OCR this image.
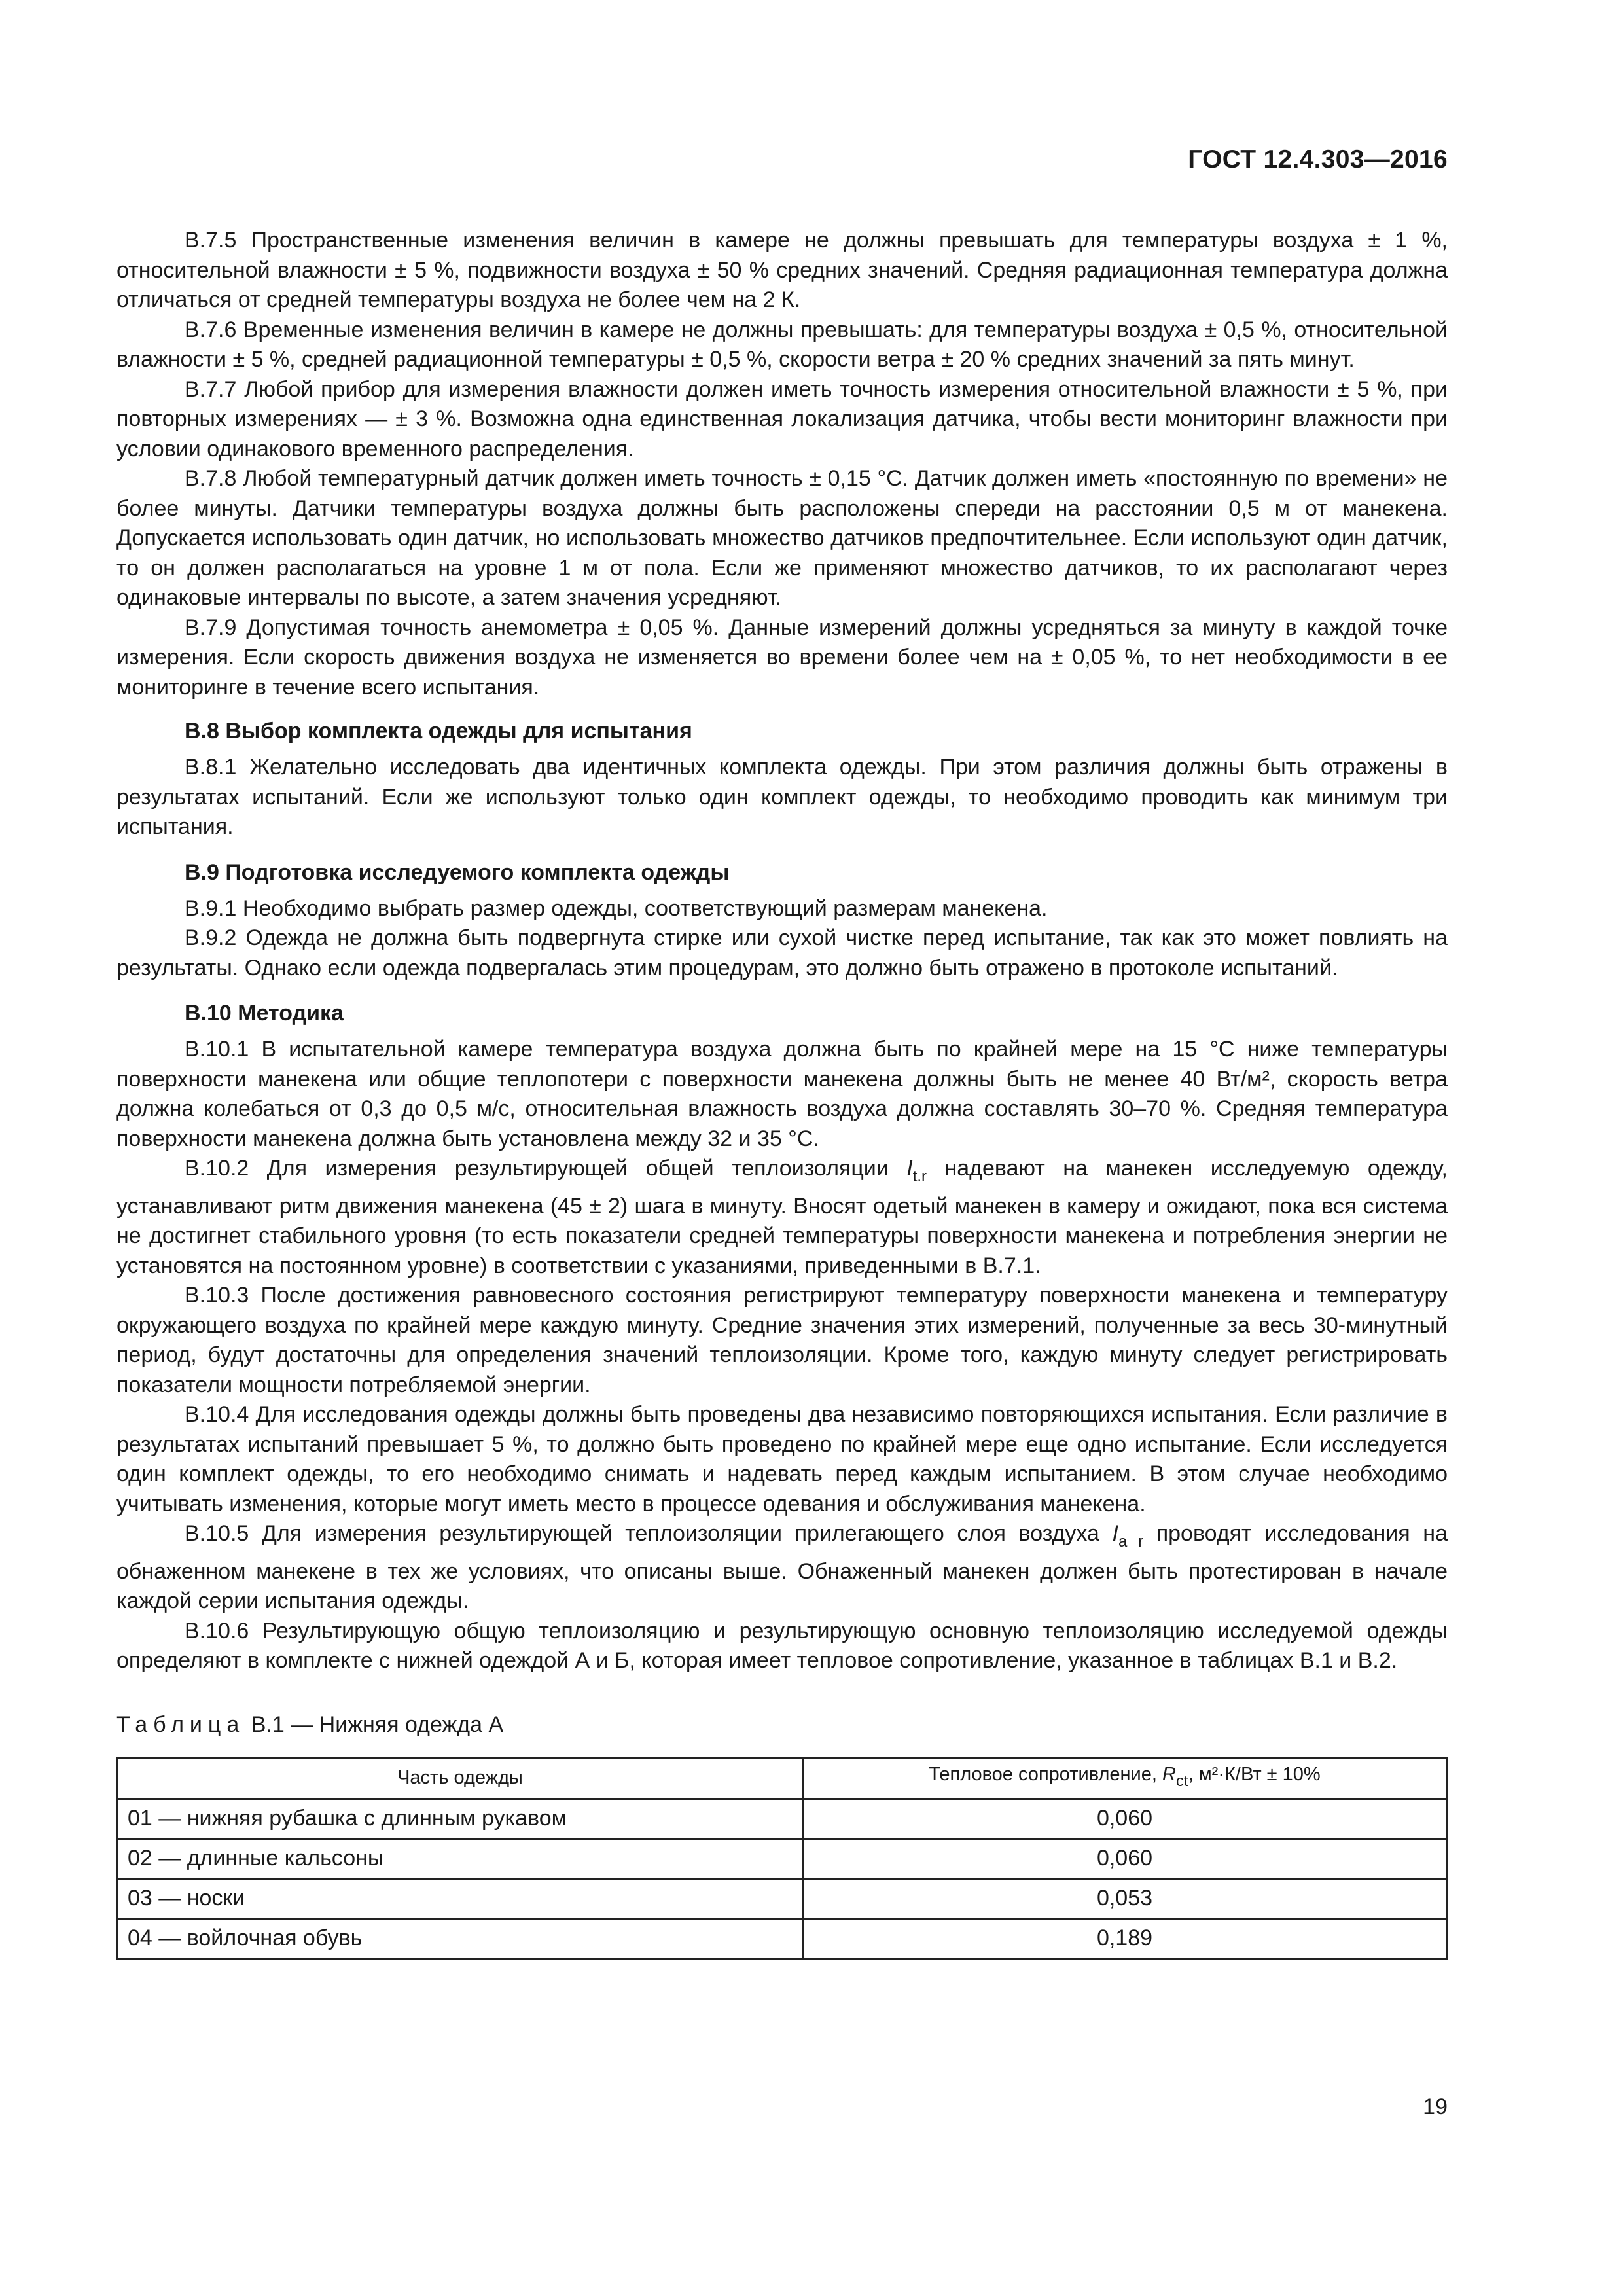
ГОСТ 12.4.303—2016

В.7.5 Пространственные изменения величин в камере не должны превышать для температуры воздуха ± 1 %, относительной влажности ± 5 %, подвижности воздуха ± 50 % средних значений. Средняя радиационная температура должна отличаться от средней температуры воздуха не более чем на 2 К.

В.7.6 Временные изменения величин в камере не должны превышать: для температуры воздуха ± 0,5 %, относительной влажности ± 5 %, средней радиационной температуры ± 0,5 %, скорости ветра ± 20 % средних значений за пять минут.

В.7.7 Любой прибор для измерения влажности должен иметь точность измерения относительной влажности ± 5 %, при повторных измерениях — ± 3 %. Возможна одна единственная локализация датчика, чтобы вести мониторинг влажности при условии одинакового временного распределения.

В.7.8 Любой температурный датчик должен иметь точность ± 0,15 °С. Датчик должен иметь «постоянную по времени» не более минуты. Датчики температуры воздуха должны быть расположены спереди на расстоянии 0,5 м от манекена. Допускается использовать один датчик, но использовать множество датчиков предпочтительнее. Если используют один датчик, то он должен располагаться на уровне 1 м от пола. Если же применяют множество датчиков, то их располагают через одинаковые интервалы по высоте, а затем значения усредняют.

В.7.9 Допустимая точность анемометра ± 0,05 %. Данные измерений должны усредняться за минуту в каждой точке измерения. Если скорость движения воздуха не изменяется во времени более чем на ± 0,05 %, то нет необходимости в ее мониторинге в течение всего испытания.

В.8 Выбор комплекта одежды для испытания

В.8.1 Желательно исследовать два идентичных комплекта одежды. При этом различия должны быть отражены в результатах испытаний. Если же используют только один комплект одежды, то необходимо проводить как минимум три испытания.

В.9 Подготовка исследуемого комплекта одежды

В.9.1 Необходимо выбрать размер одежды, соответствующий размерам манекена.

В.9.2 Одежда не должна быть подвергнута стирке или сухой чистке перед испытание, так как это может повлиять на результаты. Однако если одежда подвергалась этим процедурам, это должно быть отражено в протоколе испытаний.

В.10 Методика

В.10.1 В испытательной камере температура воздуха должна быть по крайней мере на 15 °С ниже температуры поверхности манекена или общие теплопотери с поверхности манекена должны быть не менее 40 Вт/м², скорость ветра должна колебаться от 0,3 до 0,5 м/с, относительная влажность воздуха должна составлять 30–70 %. Средняя температура поверхности манекена должна быть установлена между 32 и 35 °С.

В.10.2 Для измерения результирующей общей теплоизоляции $I_{t.r}$ надевают на манекен исследуемую одежду, устанавливают ритм движения манекена (45 ± 2) шага в минуту. Вносят одетый манекен в камеру и ожидают, пока вся система не достигнет стабильного уровня (то есть показатели средней температуры поверхности манекена и потребления энергии не установятся на постоянном уровне) в соответствии с указаниями, приведенными в В.7.1.

В.10.3 После достижения равновесного состояния регистрируют температуру поверхности манекена и температуру окружающего воздуха по крайней мере каждую минуту. Средние значения этих измерений, полученные за весь 30-минутный период, будут достаточны для определения значений теплоизоляции. Кроме того, каждую минуту следует регистрировать показатели мощности потребляемой энергии.

В.10.4 Для исследования одежды должны быть проведены два независимо повторяющихся испытания. Если различие в результатах испытаний превышает 5 %, то должно быть проведено по крайней мере еще одно испытание. Если исследуется один комплект одежды, то его необходимо снимать и надевать перед каждым испытанием. В этом случае необходимо учитывать изменения, которые могут иметь место в процессе одевания и обслуживания манекена.

В.10.5 Для измерения результирующей теплоизоляции прилегающего слоя воздуха $I_{a r}$ проводят исследования на обнаженном манекене в тех же условиях, что описаны выше. Обнаженный манекен должен быть протестирован в начале каждой серии испытания одежды.

В.10.6 Результирующую общую теплоизоляцию и результирующую основную теплоизоляцию исследуемой одежды определяют в комплекте с нижней одеждой А и Б, которая имеет тепловое сопротивление, указанное в таблицах В.1 и В.2.

Таблица В.1 — Нижняя одежда А
Часть одежды	Тепловое сопротивление, $R_{ct}$, м²·К/Вт ± 10%
01 — нижняя рубашка с длинным рукавом	0,060
02 — длинные кальсоны	0,060
03 — носки	0,053
04 — войлочная обувь	0,189
19
